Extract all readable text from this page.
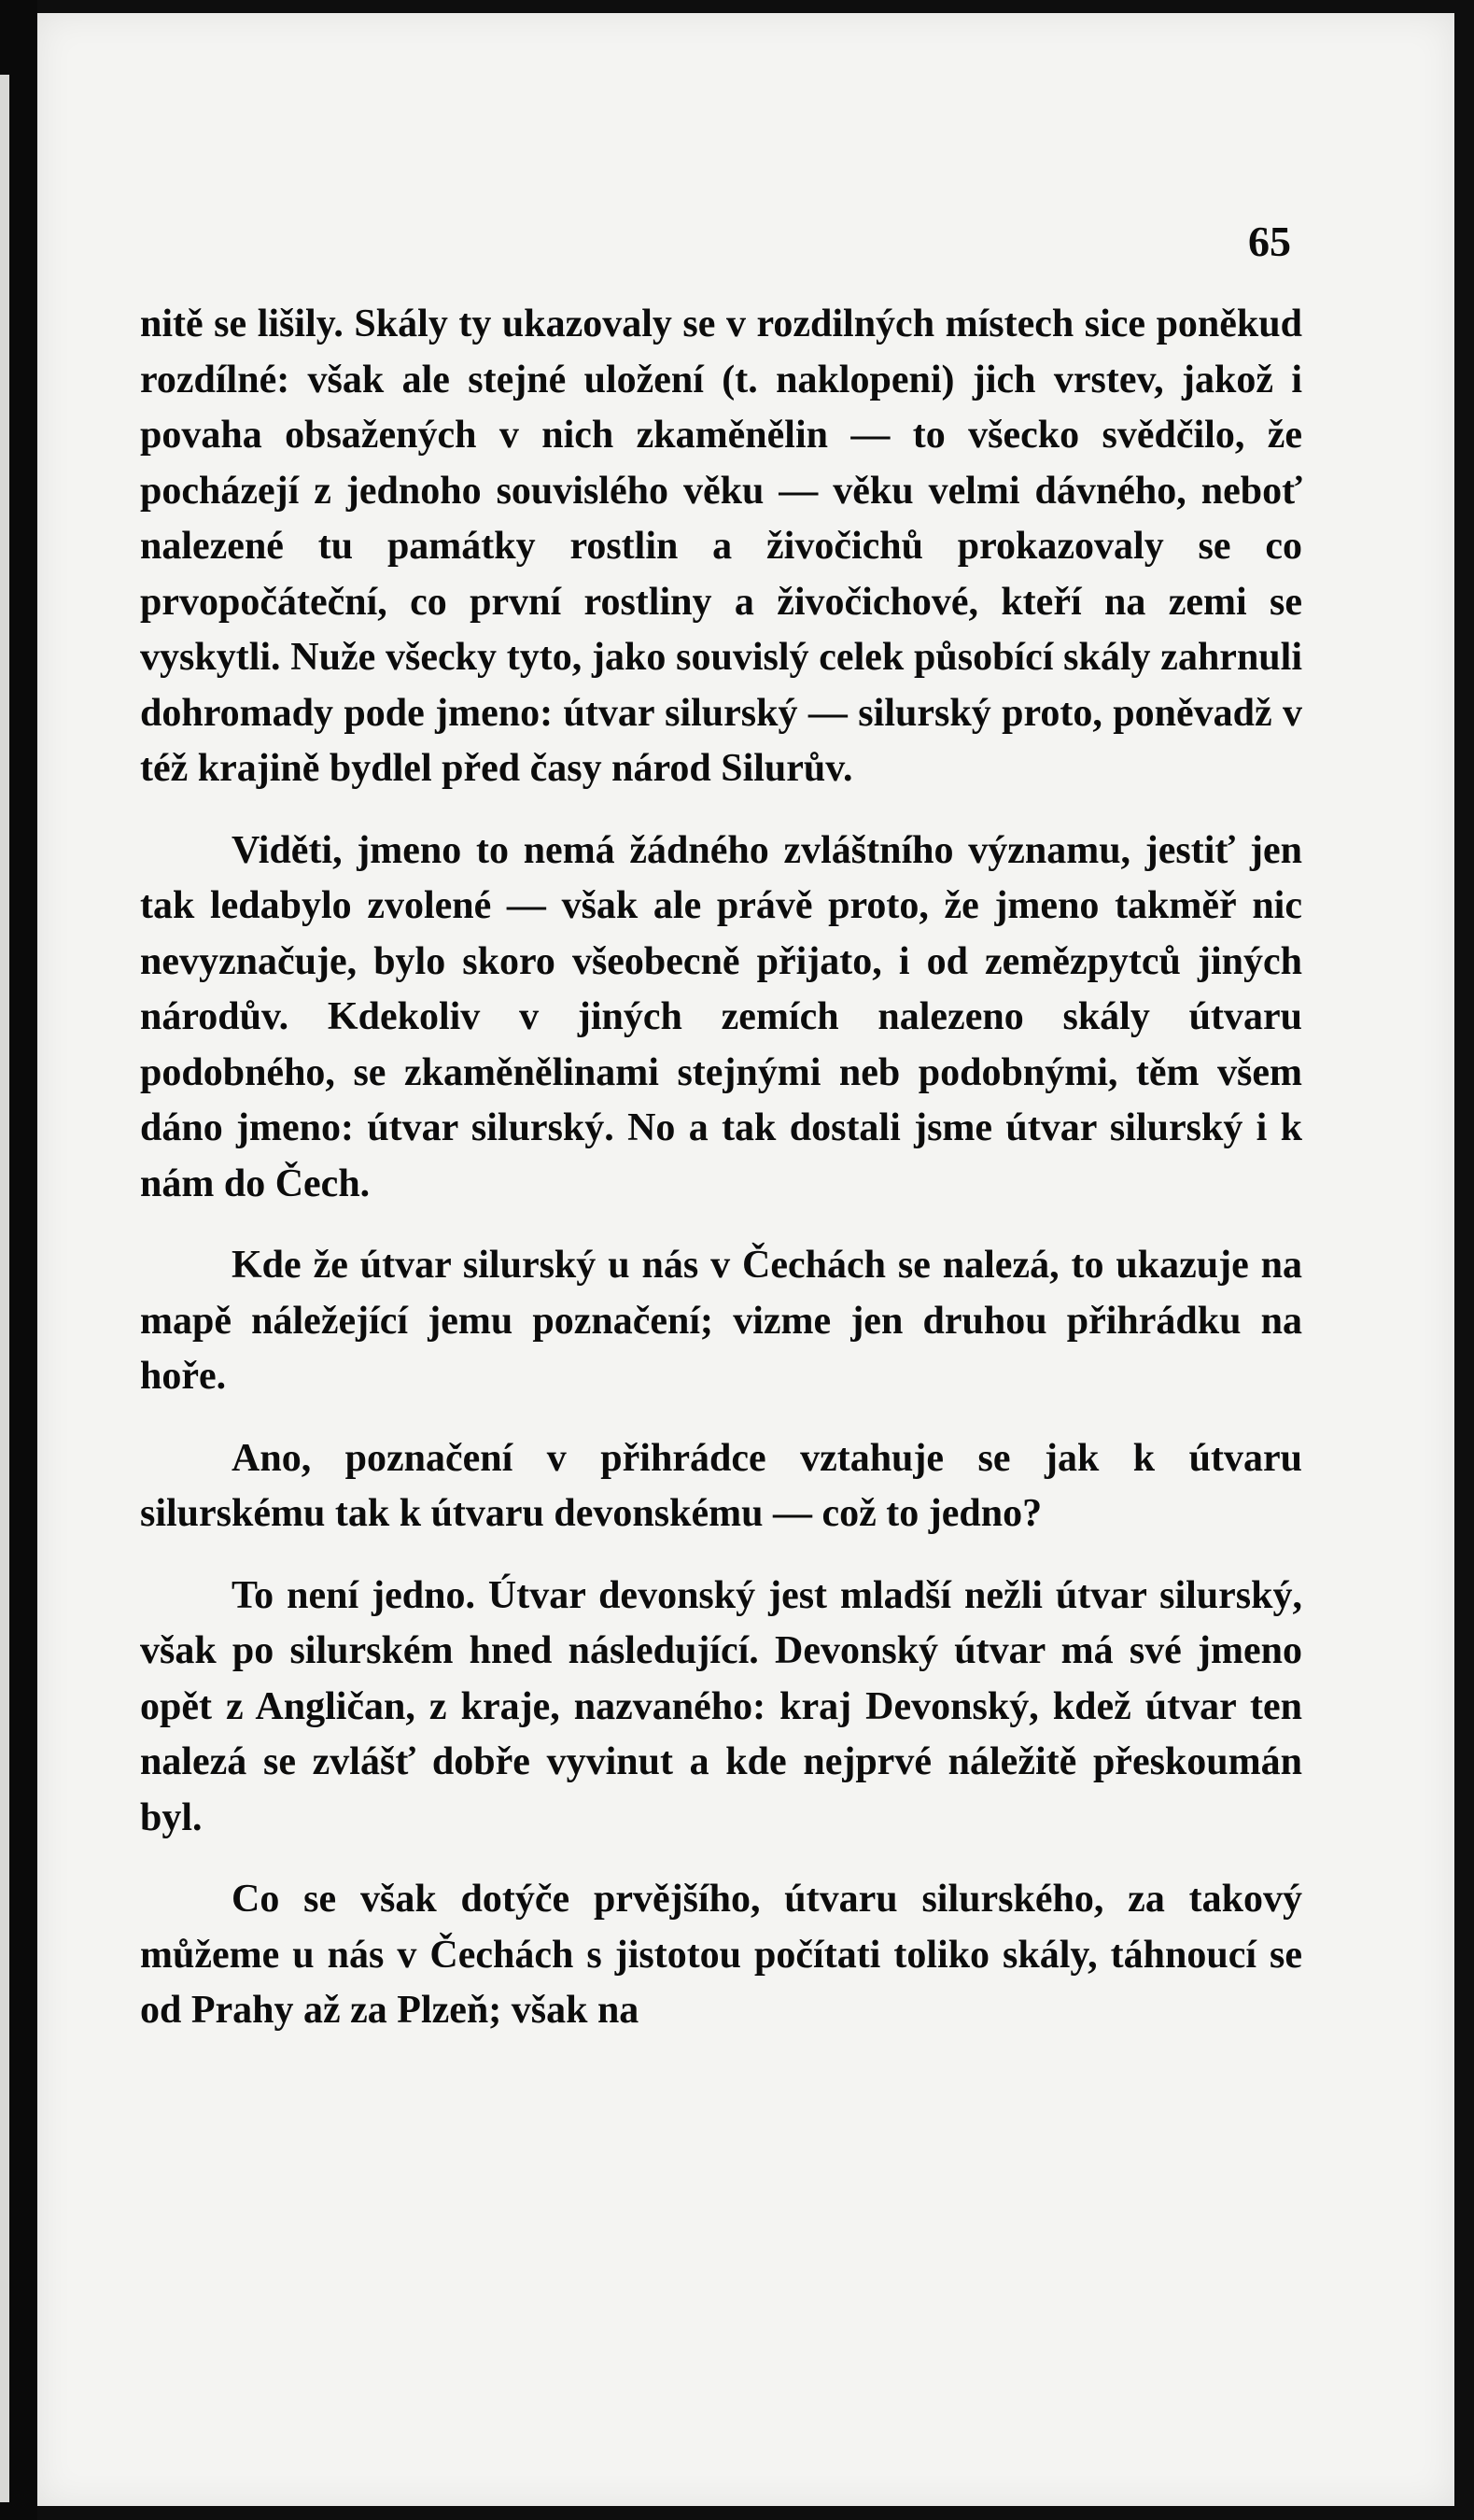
65

nitě se lišily. Skály ty ukazovaly se v rozdilných místech sice poněkud rozdílné: však ale stejné uložení (t. naklopeni) jich vrstev, jakož i povaha obsažených v nich zkaměnělin — to všecko svědčilo, že pocházejí z jednoho souvislého věku — věku velmi dávného, neboť nalezené tu památky rostlin a živočichů prokazovaly se co prvopočáteční, co první rostliny a živočichové, kteří na zemi se vyskytli. Nuže všecky tyto, jako souvislý celek působící skály zahrnuli dohromady pode jmeno: útvar silurský — silurský proto, poněvadž v též krajině bydlel před časy národ Silurův.

Viděti, jmeno to nemá žádného zvláštního významu, jestiť jen tak ledabylo zvolené — však ale právě proto, že jmeno takměř nic nevyznačuje, bylo skoro všeobecně přijato, i od zemězpytců jiných národův. Kdekoliv v jiných zemích nalezeno skály útvaru podobného, se zkaměnělinami stejnými neb podobnými, těm všem dáno jmeno: útvar silurský. No a tak dostali jsme útvar silurský i k nám do Čech.

Kde že útvar silurský u nás v Čechách se nalezá, to ukazuje na mapě náležející jemu poznačení; vizme jen druhou přihrádku na hoře.

Ano, poznačení v přihrádce vztahuje se jak k útvaru silurskému tak k útvaru devonskému — což to jedno?

To není jedno. Útvar devonský jest mladší nežli útvar silurský, však po silurském hned následující. Devonský útvar má své jmeno opět z Angličan, z kraje, nazvaného: kraj Devonský, kdež útvar ten nalezá se zvlášť dobře vyvinut a kde nejprvé náležitě přeskoumán byl.

Co se však dotýče prvějšího, útvaru silurského, za takový můžeme u nás v Čechách s jistotou počítati toliko skály, táhnoucí se od Prahy až za Plzeň; však na
